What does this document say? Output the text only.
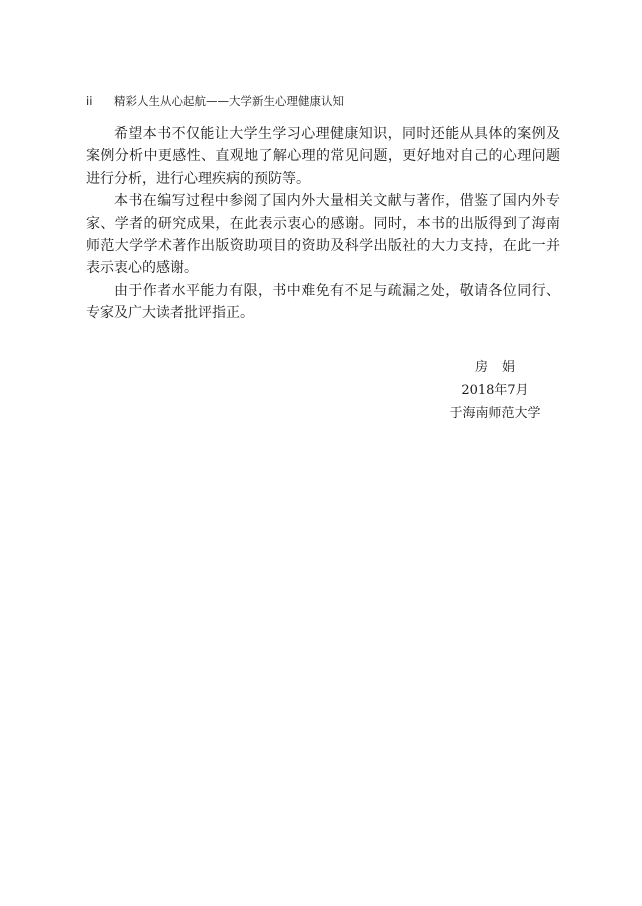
ii 精彩人生从心起航——大学新生心理健康认知

希望本书不仅能让大学生学习心理健康知识，同时还能从具体的案例及案例分析中更感性、直观地了解心理的常见问题，更好地对自己的心理问题进行分析，进行心理疾病的预防等。

本书在编写过程中参阅了国内外大量相关文献与著作，借鉴了国内外专家、学者的研究成果，在此表示衷心的感谢。同时，本书的出版得到了海南师范大学学术著作出版资助项目的资助及科学出版社的大力支持，在此一并表示衷心的感谢。

由于作者水平能力有限，书中难免有不足与疏漏之处，敬请各位同行、专家及广大读者批评指正。

房娟
2018年7月
于海南师范大学
